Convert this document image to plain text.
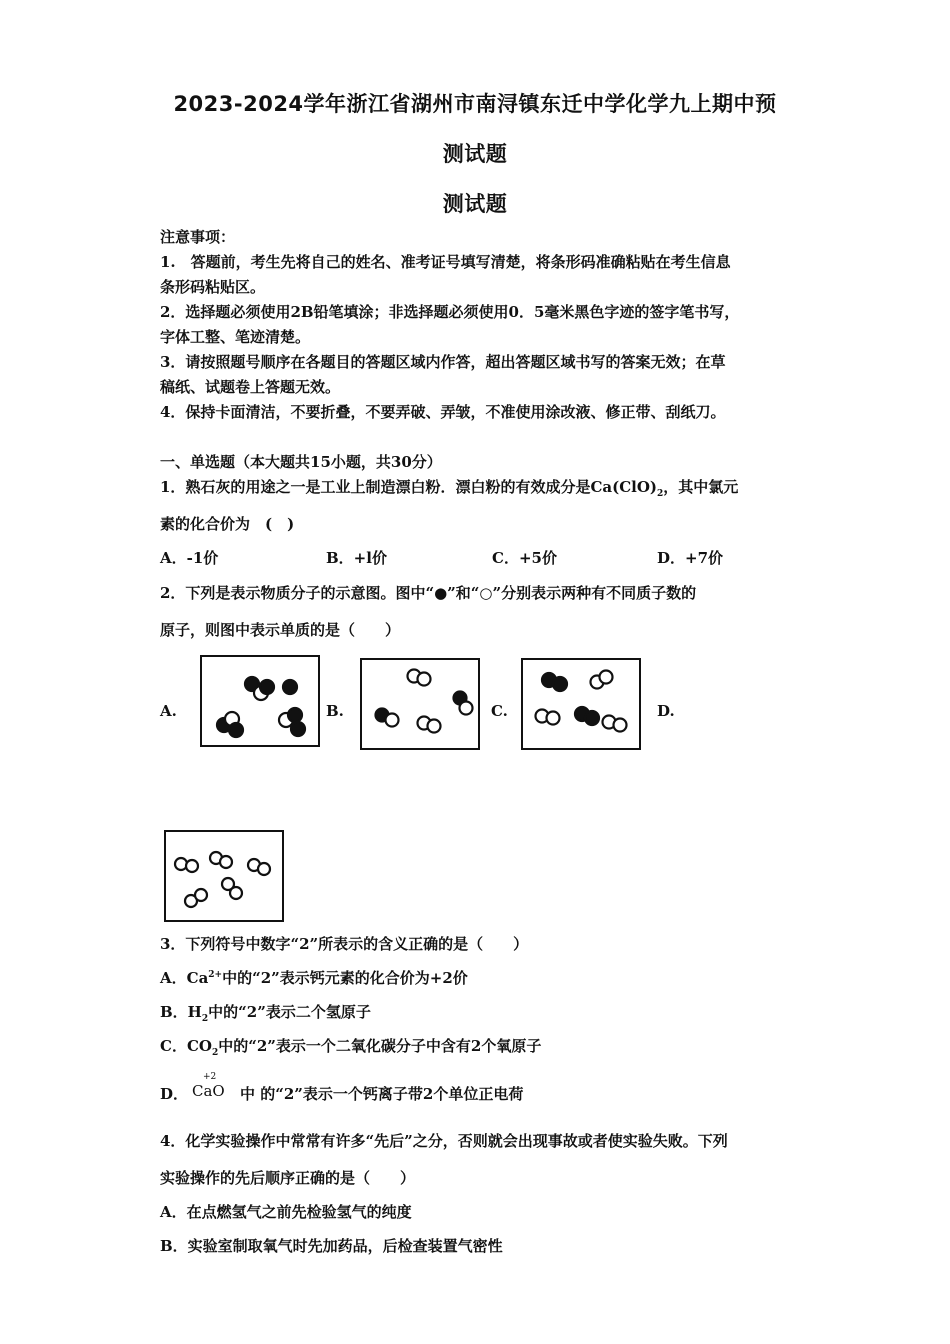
2023-2024学年浙江省湖州市南浔镇东迁中学化学九上期中预
测试题
测试题

注意事项：

1.　答题前，考生先将自己的姓名、准考证号填写清楚，将条形码准确粘贴在考生信息

条形码粘贴区。

2．选择题必须使用2B铅笔填涂；非选择题必须使用0．5毫米黑色字迹的签字笔书写，

字体工整、笔迹清楚。

3．请按照题号顺序在各题目的答题区域内作答，超出答题区域书写的答案无效；在草

稿纸、试题卷上答题无效。

4．保持卡面清洁，不要折叠，不要弄破、弄皱，不准使用涂改液、修正带、刮纸刀。

一、单选题（本大题共15小题，共30分）

1．熟石灰的用途之一是工业上制造漂白粉．漂白粉的有效成分是$Ca(ClO)_2$，其中氯元

素的化合价为　(　)

A．-1价	B．+l价	C．+5价	D．+7价

2．下列是表示物质分子的示意图。图中“●”和“○”分别表示两种有不同质子数的

原子，则图中表示单质的是（　　）

A.	B.	C.	D.

3．下列符号中数字“2”所表示的含义正确的是（　　）

A．$Ca^{2+}$中的“2”表示钙元素的化合价为+2价

B．$H_2$中的“2”表示二个氢原子

C．$CO_2$中的“2”表示一个二氧化碳分子中含有2个氧原子

D．
+2
CaO 中 的“2”表示一个钙离子带2个单位正电荷

4．化学实验操作中常常有许多“先后”之分，否则就会出现事故或者使实验失败。下列

实验操作的先后顺序正确的是（　　）

A．在点燃氢气之前先检验氢气的纯度

B．实验室制取氧气时先加药品，后检查装置气密性
